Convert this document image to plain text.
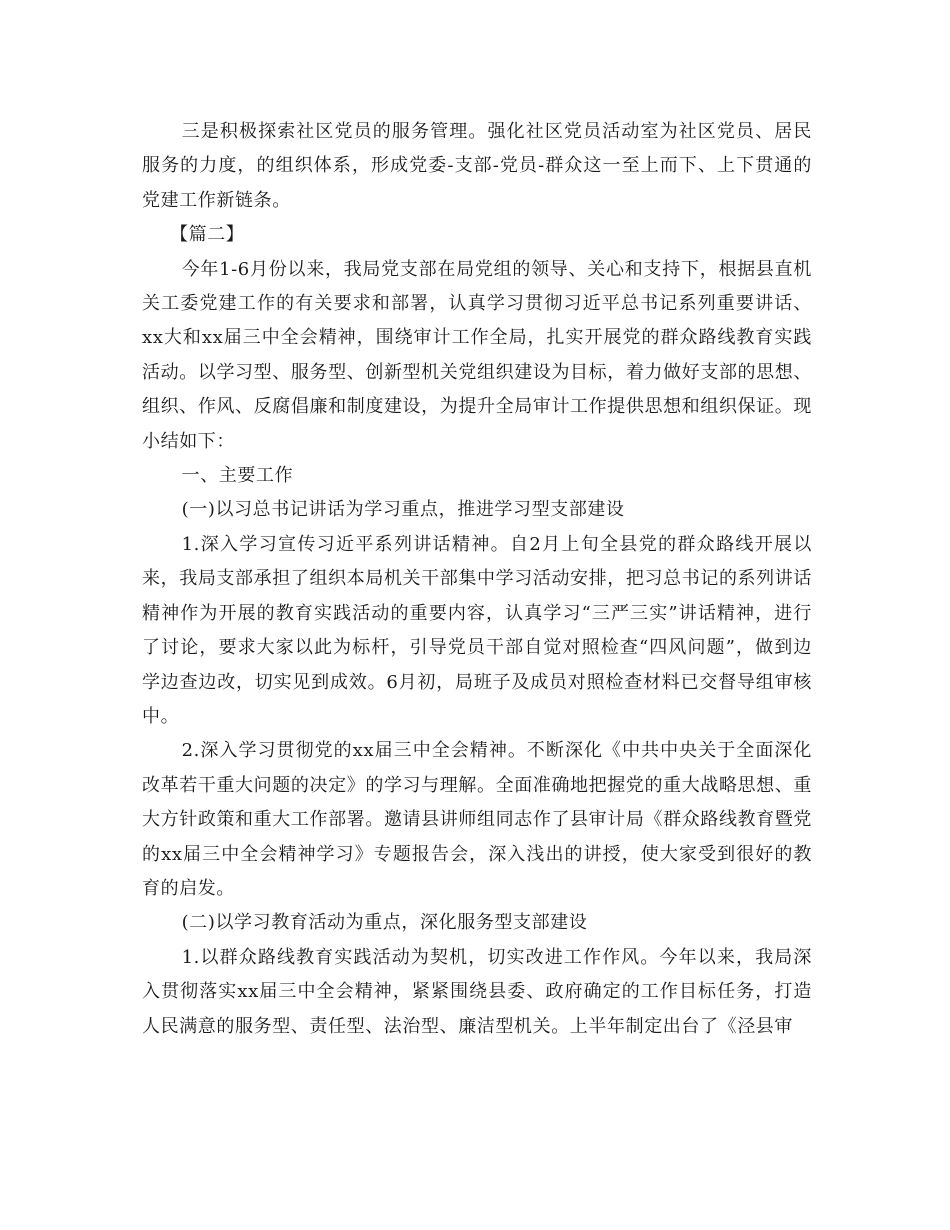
三是积极探索社区党员的服务管理。强化社区党员活动室为社区党员、居民服务的力度，的组织体系，形成党委-支部-党员-群众这一至上而下、上下贯通的党建工作新链条。

【篇二】

今年1-6月份以来，我局党支部在局党组的领导、关心和支持下，根据县直机关工委党建工作的有关要求和部署，认真学习贯彻习近平总书记系列重要讲话、xx大和xx届三中全会精神，围绕审计工作全局，扎实开展党的群众路线教育实践活动。以学习型、服务型、创新型机关党组织建设为目标，着力做好支部的思想、组织、作风、反腐倡廉和制度建设，为提升全局审计工作提供思想和组织保证。现小结如下：

一、主要工作

(一)以习总书记讲话为学习重点，推进学习型支部建设

1.深入学习宣传习近平系列讲话精神。自2月上旬全县党的群众路线开展以来，我局支部承担了组织本局机关干部集中学习活动安排，把习总书记的系列讲话精神作为开展的教育实践活动的重要内容，认真学习“三严三实”讲话精神，进行了讨论，要求大家以此为标杆，引导党员干部自觉对照检查“四风问题”，做到边学边查边改，切实见到成效。6月初，局班子及成员对照检查材料已交督导组审核中。

2.深入学习贯彻党的xx届三中全会精神。不断深化《中共中央关于全面深化改革若干重大问题的决定》的学习与理解。全面准确地把握党的重大战略思想、重大方针政策和重大工作部署。邀请县讲师组同志作了县审计局《群众路线教育暨党的xx届三中全会精神学习》专题报告会，深入浅出的讲授，使大家受到很好的教育的启发。

(二)以学习教育活动为重点，深化服务型支部建设

1.以群众路线教育实践活动为契机，切实改进工作作风。今年以来，我局深入贯彻落实xx届三中全会精神，紧紧围绕县委、政府确定的工作目标任务，打造人民满意的服务型、责任型、法治型、廉洁型机关。上半年制定出台了《泾县审
